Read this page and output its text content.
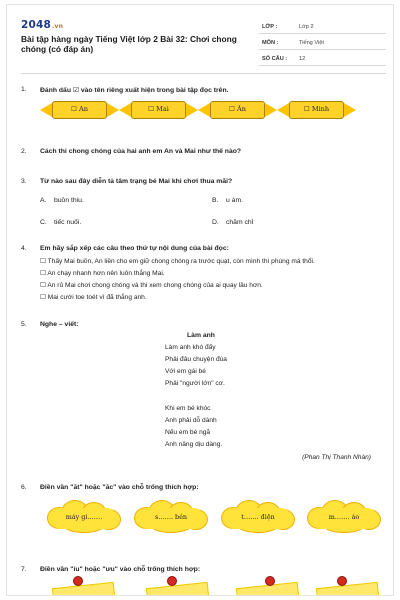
2048.vn
Bài tập hàng ngày Tiếng Việt lớp 2 Bài 32: Chơi chong chóng (có đáp án)
LỚP :	Lớp 2
MÔN :	Tiếng Việt
SỐ CÂU : 12
1. Đánh dấu ☑ vào tên riêng xuất hiện trong bài tập đọc trên.
☐ An	☐ Mai	☐ Ân	☐ Minh
2. Cách thi chong chóng của hai anh em An và Mai như thế nào?
3. Từ nào sau đây diễn tả tâm trạng bé Mai khi chơi thua mãi?
A. buồn thiu.	B. u ám.
C. tiếc nuối.	D. chăm chỉ
4. Em hãy sắp xếp các câu theo thứ tự nội dung của bài đọc:
☐ Thấy Mai buồn, An liền cho em giữ chong chóng ra trước quạt, còn mình thì phùng má thổi.
☐ An chạy nhanh hơn nên luôn thắng Mai.
☐ An rủ Mai chơi chong chóng và thi xem chong chóng của ai quay lâu hơn.
☐ Mai cười toe toét vì đã thắng anh.
5. Nghe – viết:
Làm anh
Làm anh khó đấy
Phải đâu chuyện đùa
Với em gái bé
Phải "người lớn" cơ.
Khi em bé khóc
Anh phải dỗ dành
Nếu em bé ngã
Anh nâng dịu dàng.
(Phan Thị Thanh Nhàn)
6. Điền vần "ăt" hoặc "ăc" vào chỗ trống thích hợp:
máy gi…….	s……. bén	t……. điện	m……. áo
7. Điền vần "iu" hoặc "ưu" vào chỗ trống thích hợp:
